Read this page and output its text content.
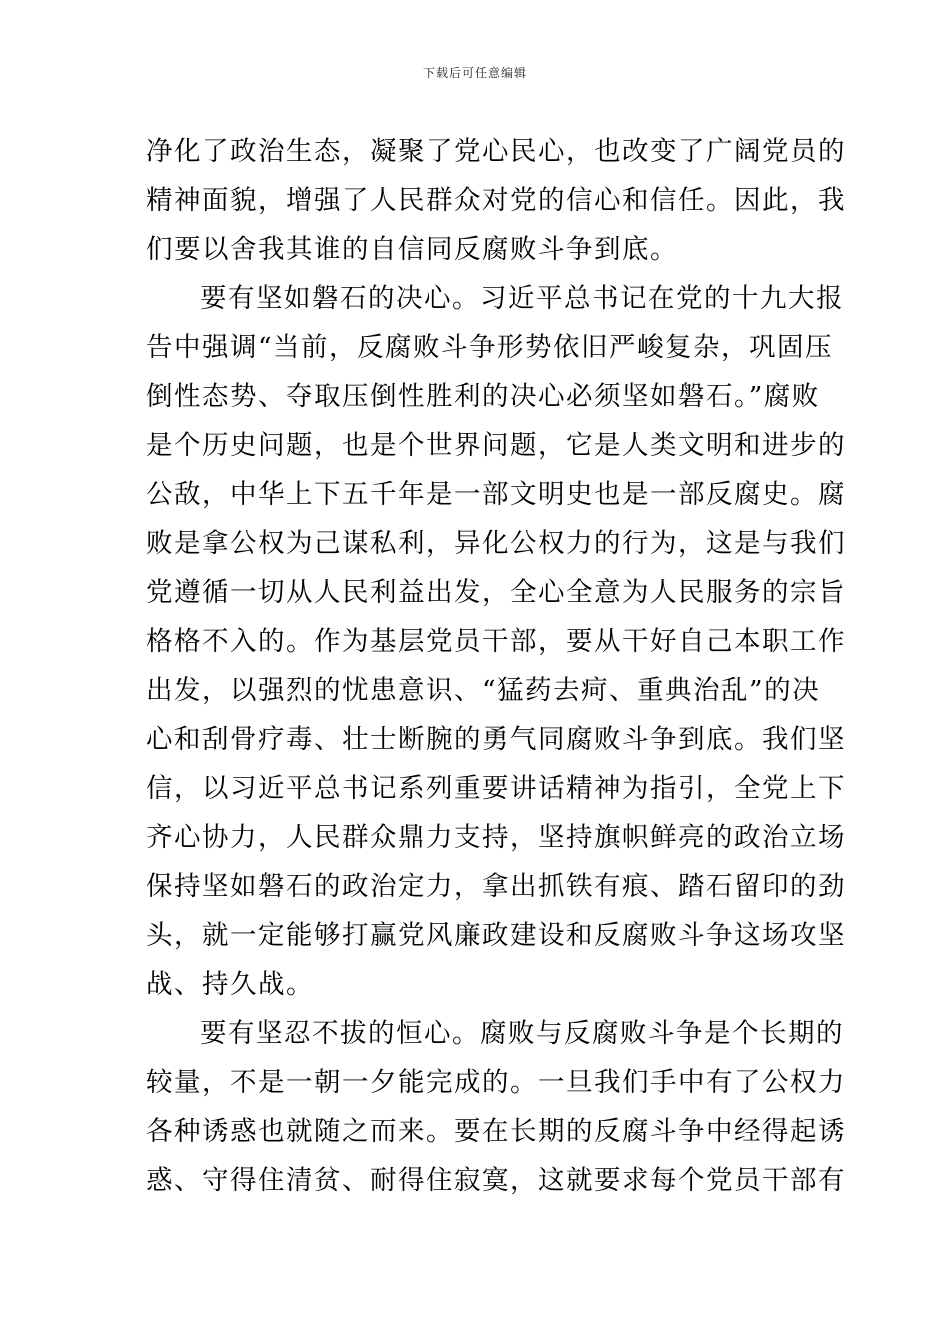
下载后可任意编辑
净化了政治生态，凝聚了党心民心，也改变了广阔党员的
精神面貌，增强了人民群众对党的信心和信任。因此，我
们要以舍我其谁的自信同反腐败斗争到底。
要有坚如磐石的决心。习近平总书记在党的十九大报
告中强调“当前，反腐败斗争形势依旧严峻复杂，巩固压
倒性态势、夺取压倒性胜利的决心必须坚如磐石。”腐败
是个历史问题，也是个世界问题，它是人类文明和进步的
公敌，中华上下五千年是一部文明史也是一部反腐史。腐
败是拿公权为己谋私利，异化公权力的行为，这是与我们
党遵循一切从人民利益出发，全心全意为人民服务的宗旨
格格不入的。作为基层党员干部，要从干好自己本职工作
出发，以强烈的忧患意识、“猛药去疴、重典治乱”的决
心和刮骨疗毒、壮士断腕的勇气同腐败斗争到底。我们坚
信，以习近平总书记系列重要讲话精神为指引，全党上下
齐心协力，人民群众鼎力支持，坚持旗帜鲜亮的政治立场
保持坚如磐石的政治定力，拿出抓铁有痕、踏石留印的劲
头，就一定能够打赢党风廉政建设和反腐败斗争这场攻坚
战、持久战。
要有坚忍不拔的恒心。腐败与反腐败斗争是个长期的
较量，不是一朝一夕能完成的。一旦我们手中有了公权力
各种诱惑也就随之而来。要在长期的反腐斗争中经得起诱
惑、守得住清贫、耐得住寂寞，这就要求每个党员干部有
